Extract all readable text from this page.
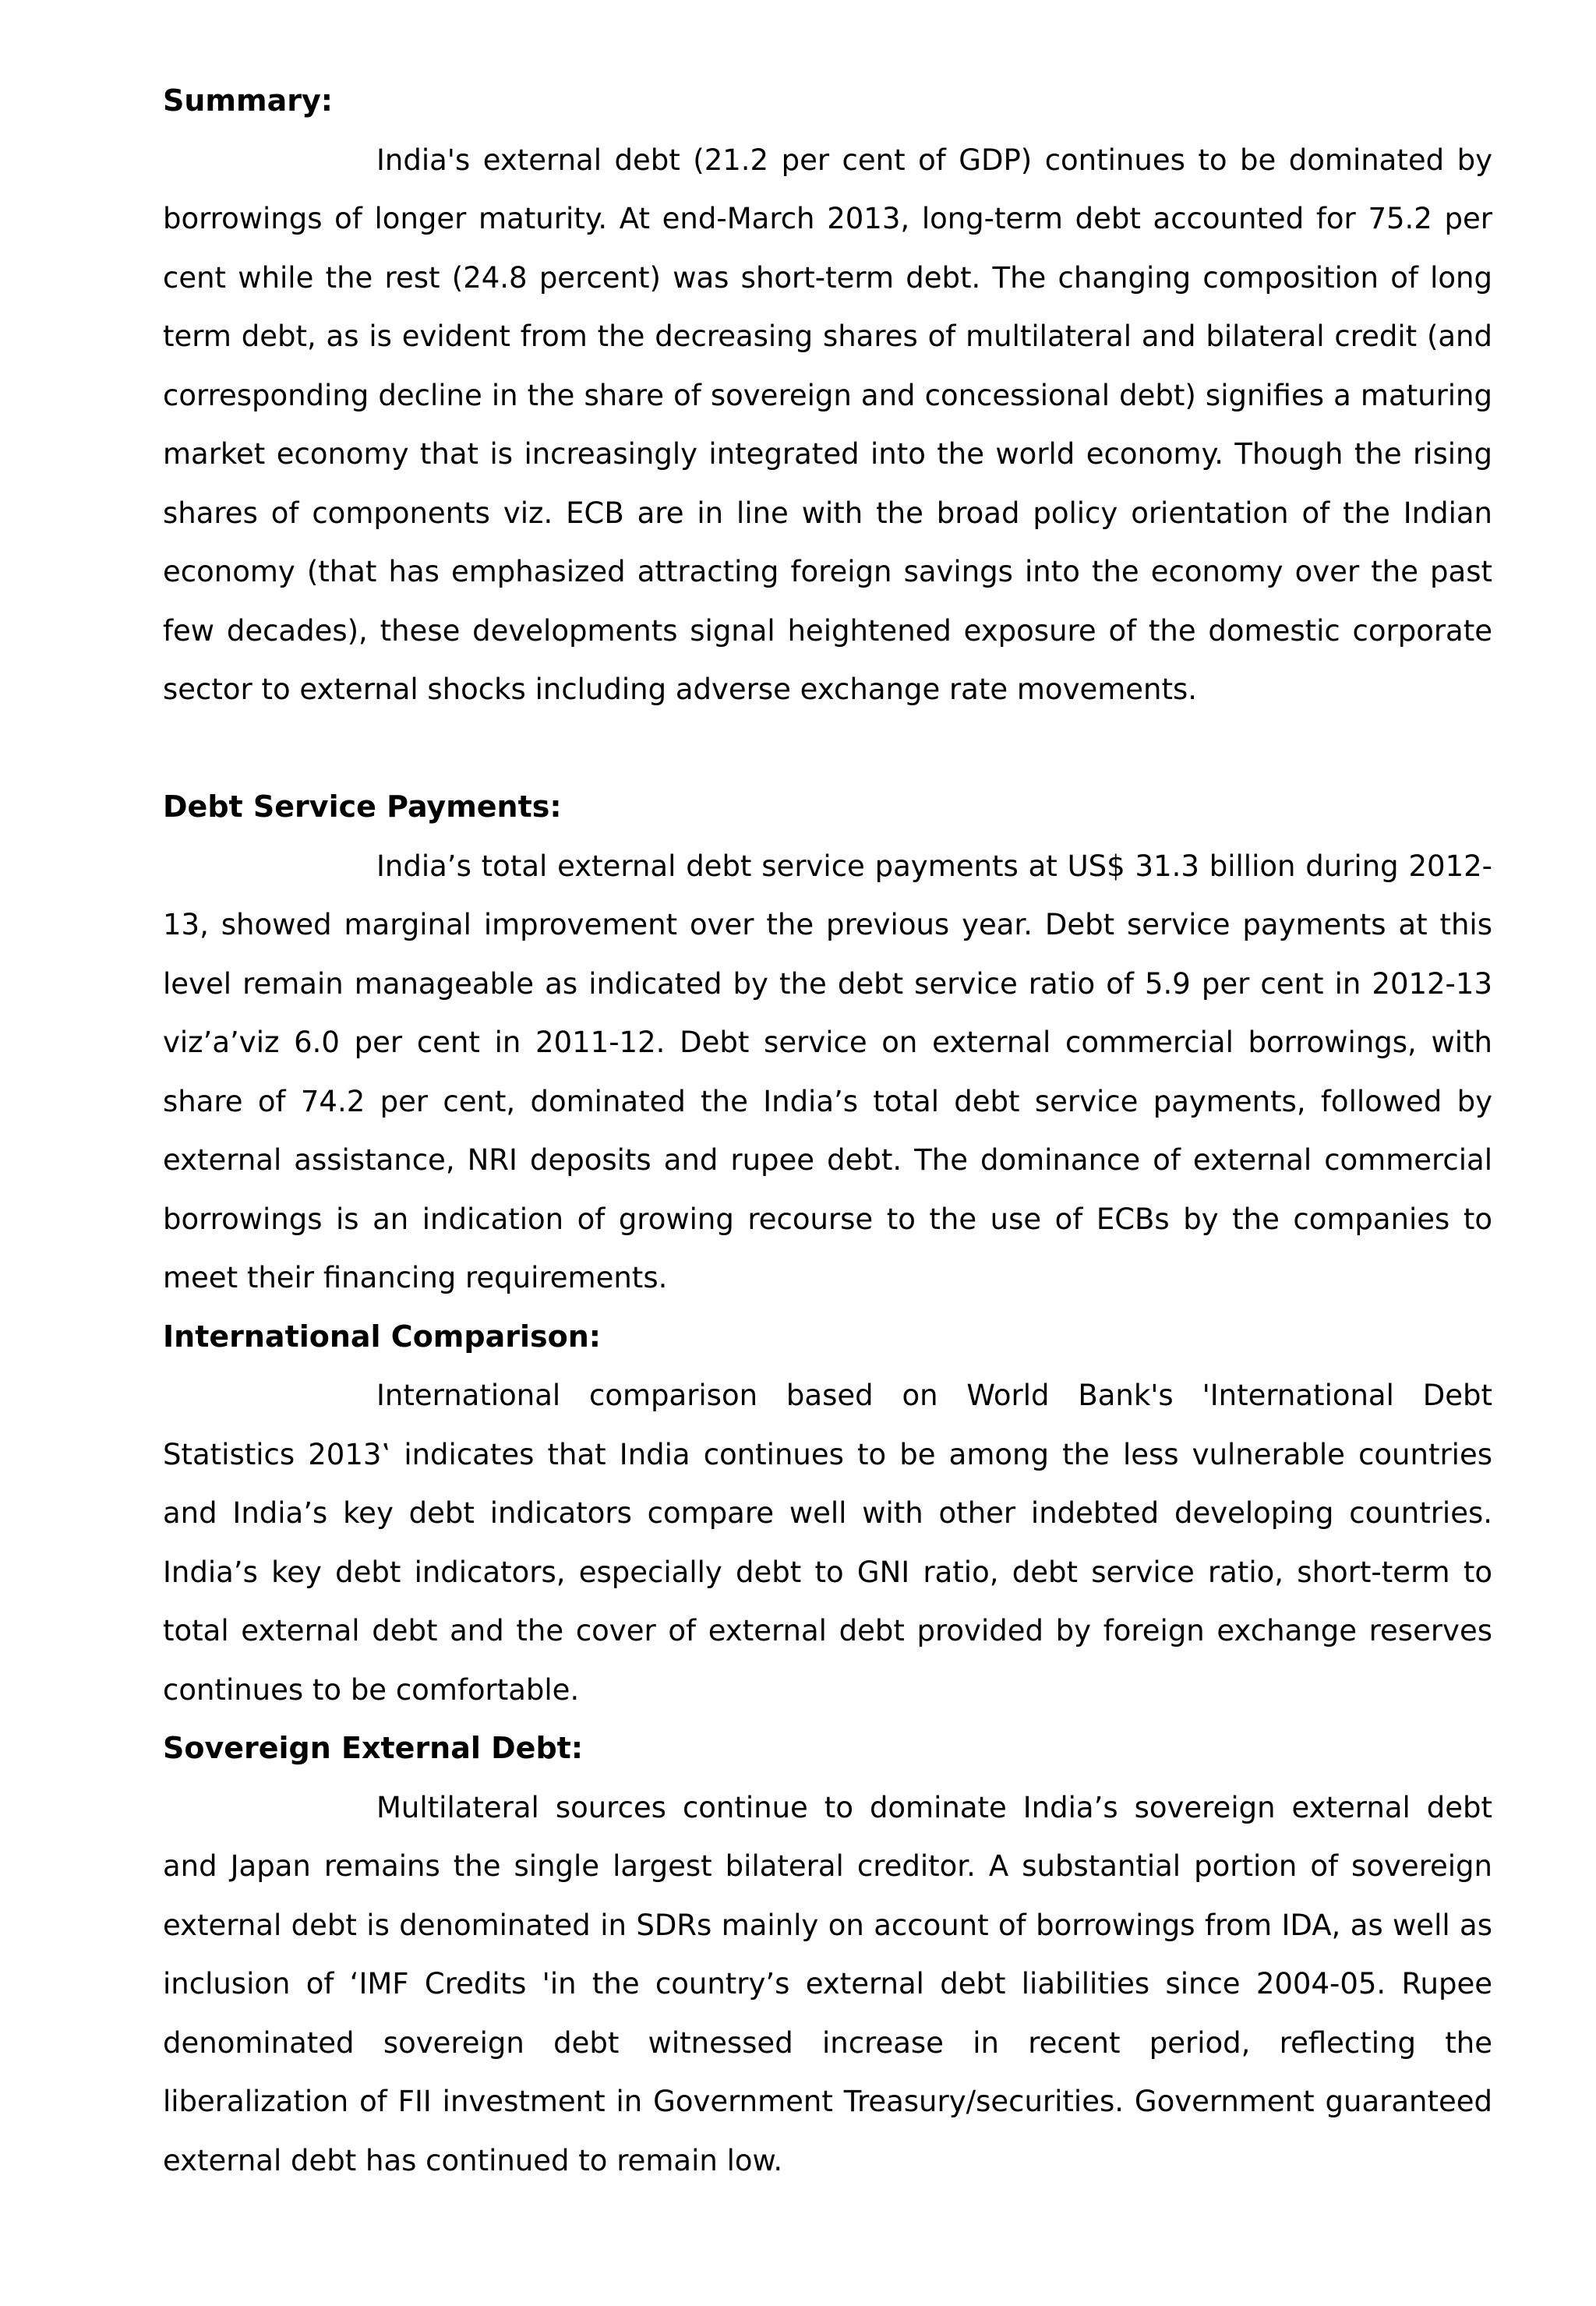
Summary:

India's external debt (21.2 per cent of GDP) continues to be dominated by borrowings of longer maturity. At end-March 2013, long-term debt accounted for 75.2 per cent while the rest (24.8 percent) was short-term debt. The changing composition of long term debt, as is evident from the decreasing shares of multilateral and bilateral credit (and corresponding decline in the share of sovereign and concessional debt) signifies a maturing market economy that is increasingly integrated into the world economy. Though the rising shares of components viz. ECB are in line with the broad policy orientation of the Indian economy (that has emphasized attracting foreign savings into the economy over the past few decades), these developments signal heightened exposure of the domestic corporate sector to external shocks including adverse exchange rate movements.

Debt Service Payments:

India’s total external debt service payments at US$ 31.3 billion during 2012-13, showed marginal improvement over the previous year. Debt service payments at this level remain manageable as indicated by the debt service ratio of 5.9 per cent in 2012-13 viz’a’viz 6.0 per cent in 2011-12. Debt service on external commercial borrowings, with share of 74.2 per cent, dominated the India’s total debt service payments, followed by external assistance, NRI deposits and rupee debt. The dominance of external commercial borrowings is an indication of growing recourse to the use of ECBs by the companies to meet their financing requirements.

International Comparison:

International comparison based on World Bank's 'International Debt Statistics 2013‛ indicates that India continues to be among the less vulnerable countries and India’s key debt indicators compare well with other indebted developing countries. India’s key debt indicators, especially debt to GNI ratio, debt service ratio, short-term to total external debt and the cover of external debt provided by foreign exchange reserves continues to be comfortable.

Sovereign External Debt:

Multilateral sources continue to dominate India’s sovereign external debt and Japan remains the single largest bilateral creditor. A substantial portion of sovereign external debt is denominated in SDRs mainly on account of borrowings from IDA, as well as inclusion of ‘IMF Credits 'in the country’s external debt liabilities since 2004-05. Rupee denominated sovereign debt witnessed increase in recent period, reflecting the liberalization of FII investment in Government Treasury/securities. Government guaranteed external debt has continued to remain low.
